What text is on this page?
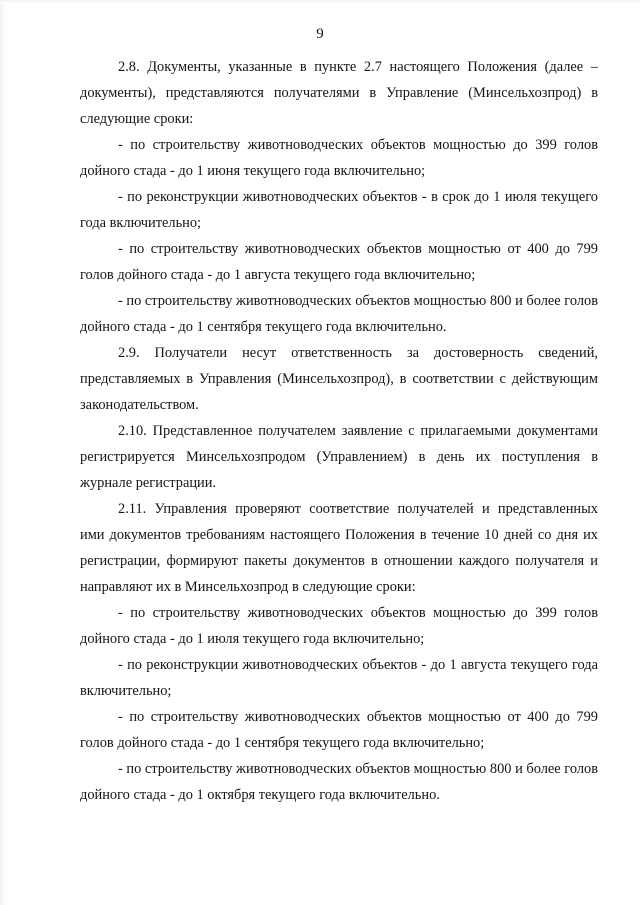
9

2.8. Документы, указанные в пункте 2.7 настоящего Положения (далее – документы), представляются получателями в Управление (Минсельхозпрод) в следующие сроки:

- по строительству животноводческих объектов мощностью до 399 голов дойного стада - до 1 июня текущего года включительно;

- по реконструкции животноводческих объектов - в срок до 1 июля текущего года включительно;

- по строительству животноводческих объектов мощностью от 400 до 799 голов дойного стада - до 1 августа текущего года включительно;

- по строительству животноводческих объектов мощностью 800 и более голов дойного стада - до 1 сентября текущего года включительно.

2.9. Получатели несут ответственность за достоверность сведений, представляемых в Управления (Минсельхозпрод), в соответствии с действующим законодательством.

2.10. Представленное получателем заявление с прилагаемыми документами регистрируется Минсельхозпродом (Управлением) в день их поступления в журнале регистрации.

2.11. Управления проверяют соответствие получателей и представленных ими документов требованиям настоящего Положения в течение 10 дней со дня их регистрации, формируют пакеты документов в отношении каждого получателя и направляют их в Минсельхозпрод в следующие сроки:

- по строительству животноводческих объектов мощностью до 399 голов дойного стада - до 1 июля текущего года включительно;

- по реконструкции животноводческих объектов - до 1 августа текущего года включительно;

- по строительству животноводческих объектов мощностью от 400 до 799 голов дойного стада - до 1 сентября текущего года включительно;

- по строительству животноводческих объектов мощностью 800 и более голов дойного стада - до 1 октября текущего года включительно.
